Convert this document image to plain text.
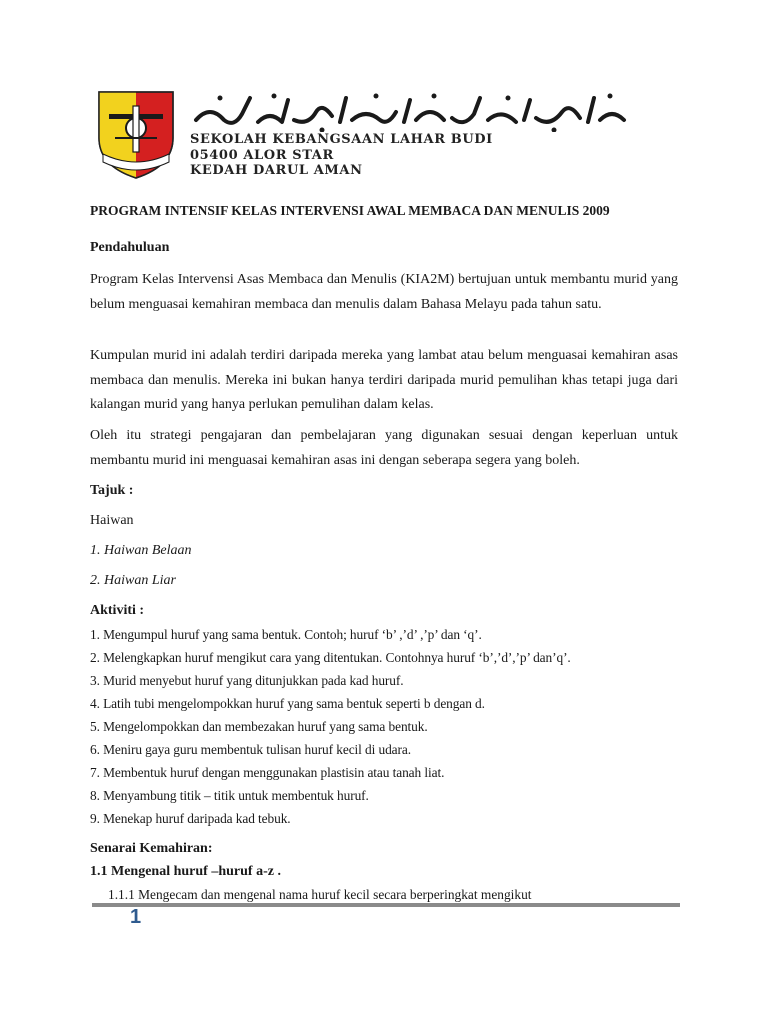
SEKOLAH KEBANGSAAN LAHAR BUDI
05400 ALOR STAR
KEDAH DARUL AMAN
PROGRAM INTENSIF KELAS INTERVENSI AWAL MEMBACA DAN MENULIS 2009
Pendahuluan
Program Kelas Intervensi Asas Membaca dan Menulis (KIA2M) bertujuan untuk membantu murid yang belum menguasai kemahiran membaca dan menulis dalam Bahasa Melayu pada tahun satu.
Kumpulan murid ini adalah terdiri daripada mereka yang lambat atau belum menguasai kemahiran asas membaca dan menulis. Mereka ini bukan hanya terdiri daripada murid pemulihan khas tetapi juga dari kalangan murid yang hanya perlukan pemulihan dalam kelas.
Oleh itu strategi pengajaran dan pembelajaran yang digunakan sesuai dengan keperluan untuk membantu murid ini menguasai kemahiran asas ini dengan seberapa segera yang boleh.
Tajuk :
Haiwan
1. Haiwan Belaan
2. Haiwan Liar
Aktiviti :
1. Mengumpul huruf yang sama bentuk. Contoh; huruf ‘b’ ,’d’ ,’p’ dan ‘q’.
2. Melengkapkan huruf mengikut cara yang ditentukan. Contohnya huruf ‘b’,’d’,’p’ dan’q’.
3. Murid menyebut huruf yang ditunjukkan pada kad huruf.
4. Latih tubi mengelompokkan huruf yang sama bentuk seperti b dengan d.
5. Mengelompokkan dan membezakan huruf yang sama bentuk.
6. Meniru gaya guru membentuk tulisan huruf kecil di udara.
7. Membentuk huruf dengan menggunakan plastisin atau tanah liat.
8. Menyambung titik – titik untuk membentuk huruf.
9. Menekap huruf daripada kad tebuk.
Senarai Kemahiran:
1.1 Mengenal huruf –huruf a-z .
1.1.1 Mengecam dan mengenal nama huruf kecil secara berperingkat mengikut
1
